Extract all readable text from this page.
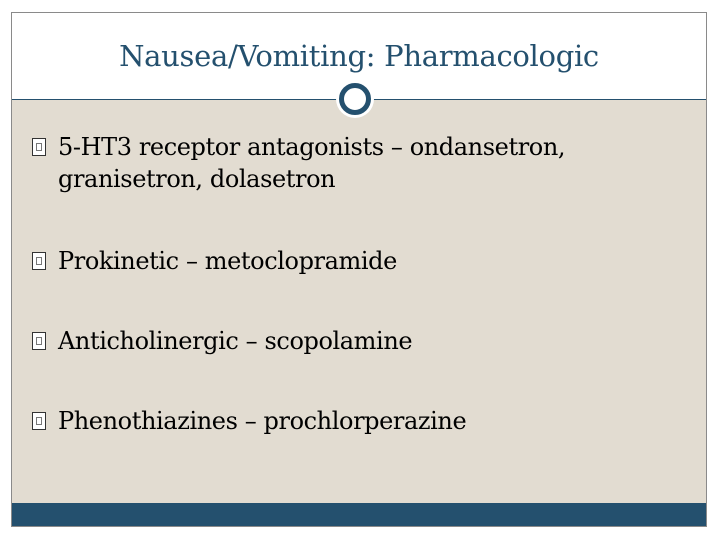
Nausea/Vomiting: Pharmacologic
5-HT3 receptor antagonists – ondansetron, granisetron, dolasetron
Prokinetic – metoclopramide
Anticholinergic – scopolamine
Phenothiazines – prochlorperazine
